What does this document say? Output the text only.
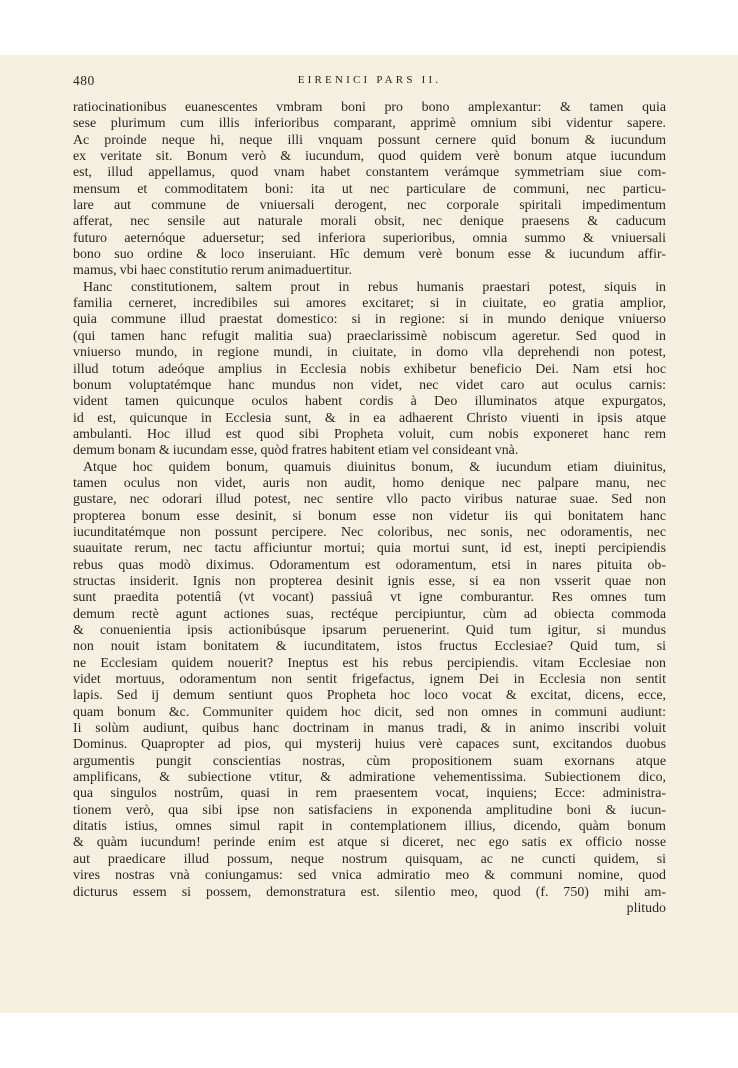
480	EIRENICI PARS II.

ratiocinationibus euanescentes vmbram boni pro bono amplexantur: & tamen quia
sese plurimum cum illis inferioribus comparant, apprimè omnium sibi videntur sapere.
Ac proinde neque hi, neque illi vnquam possunt cernere quid bonum & iucundum
ex veritate sit. Bonum verò & iucundum, quod quidem verè bonum atque iucundum
est, illud appellamus, quod vnam habet constantem verámque symmetriam siue com-
mensum et commoditatem boni: ita ut nec particulare de communi, nec particu-
lare aut commune de vniuersali derogent, nec corporale spiritali impedimentum
afferat, nec sensile aut naturale morali obsit, nec denique praesens & caducum
futuro aeternóque aduersetur; sed inferiora superioribus, omnia summo & vniuersali
bono suo ordine & loco inseruiant. Hîc demum verè bonum esse & iucundum affir-
mamus, vbi haec constitutio rerum animaduertitur.

Hanc constitutionem, saltem prout in rebus humanis praestari potest, siquis in
familia cerneret, incredibiles sui amores excitaret; si in ciuitate, eo gratia amplior,
quia commune illud praestat domestico: si in regione: si in mundo denique vniuerso
(qui tamen hanc refugit malitia sua) praeclarissimè nobiscum ageretur. Sed quod in
vniuerso mundo, in regione mundi, in ciuitate, in domo vlla deprehendi non potest,
illud totum adeóque amplius in Ecclesia nobis exhibetur beneficio Dei. Nam etsi hoc
bonum voluptatémque hanc mundus non videt, nec videt caro aut oculus carnis:
vident tamen quicunque oculos habent cordis à Deo illuminatos atque expurgatos,
id est, quicunque in Ecclesia sunt, & in ea adhaerent Christo viuenti in ipsis atque
ambulanti. Hoc illud est quod sibi Propheta voluit, cum nobis exponeret hanc rem
demum bonam & iucundam esse, quòd fratres habitent etiam vel consideant vnà.

Atque hoc quidem bonum, quamuis diuinitus bonum, & iucundum etiam diuinitus,
tamen oculus non videt, auris non audit, homo denique nec palpare manu, nec
gustare, nec odorari illud potest, nec sentire vllo pacto viribus naturae suae. Sed non
propterea bonum esse desinit, si bonum esse non videtur iis qui bonitatem hanc
iucunditatémque non possunt percipere. Nec coloribus, nec sonis, nec odoramentis, nec
suauitate rerum, nec tactu afficiuntur mortui; quia mortui sunt, id est, inepti percipiendis
rebus quas modò diximus. Odoramentum est odoramentum, etsi in nares pituita ob-
structas insiderit. Ignis non propterea desinit ignis esse, si ea non vsserit quae non
sunt praedita potentiâ (vt vocant) passiuâ vt igne comburantur. Res omnes tum
demum rectè agunt actiones suas, rectéque percipiuntur, cùm ad obiecta commoda
& conuenientia ipsis actionibúsque ipsarum peruenerint. Quid tum igitur, si mundus
non nouit istam bonitatem & iucunditatem, istos fructus Ecclesiae? Quid tum, si
ne Ecclesiam quidem nouerit? Ineptus est his rebus percipiendis. vitam Ecclesiae non
videt mortuus, odoramentum non sentit frigefactus, ignem Dei in Ecclesia non sentit
lapis. Sed ij demum sentiunt quos Propheta hoc loco vocat & excitat, dicens, ecce,
quam bonum &c. Communiter quidem hoc dicit, sed non omnes in communi audiunt:
Ii solùm audiunt, quibus hanc doctrinam in manus tradi, & in animo inscribi voluit
Dominus. Quapropter ad pios, qui mysterij huius verè capaces sunt, excitandos duobus
argumentis pungit conscientias nostras, cùm propositionem suam exornans atque
amplificans, & subiectione vtitur, & admiratione vehementissima. Subiectionem dico,
qua singulos nostrûm, quasi in rem praesentem vocat, inquiens; Ecce: administra-
tionem verò, qua sibi ipse non satisfaciens in exponenda amplitudine boni & iucun-
ditatis istius, omnes simul rapit in contemplationem illius, dicendo, quàm bonum
& quàm iucundum! perinde enim est atque si diceret, nec ego satis ex officio nosse
aut praedicare illud possum, neque nostrum quisquam, ac ne cuncti quidem, si
vires nostras vnà coniungamus: sed vnica admiratio meo & communi nomine, quod
dicturus essem si possem, demonstratura est. silentio meo, quod (f. 750) mihi am-

plitudo
